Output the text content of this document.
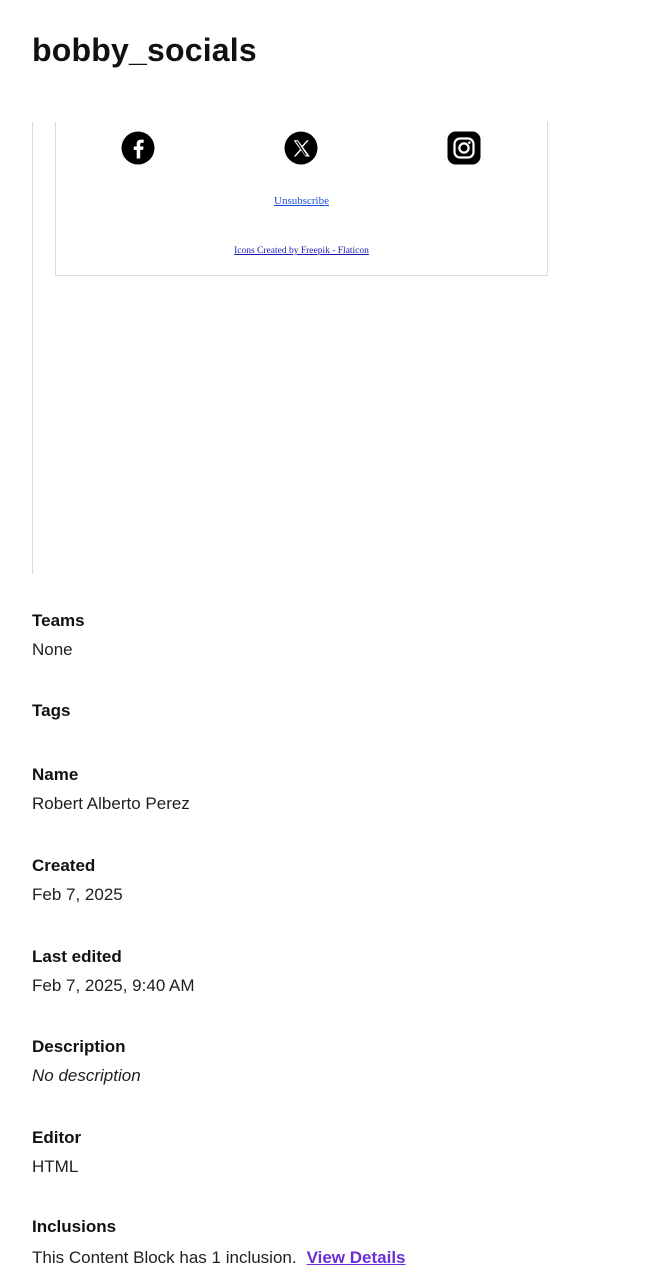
bobby_socials
Unsubscribe
Icons Created by Freepik - Flaticon
Teams
None
Tags
Name
Robert Alberto Perez
Created
Feb 7, 2025
Last edited
Feb 7, 2025, 9:40 AM
Description
No description
Editor
HTML
Inclusions
This Content Block has 1 inclusion. View Details
